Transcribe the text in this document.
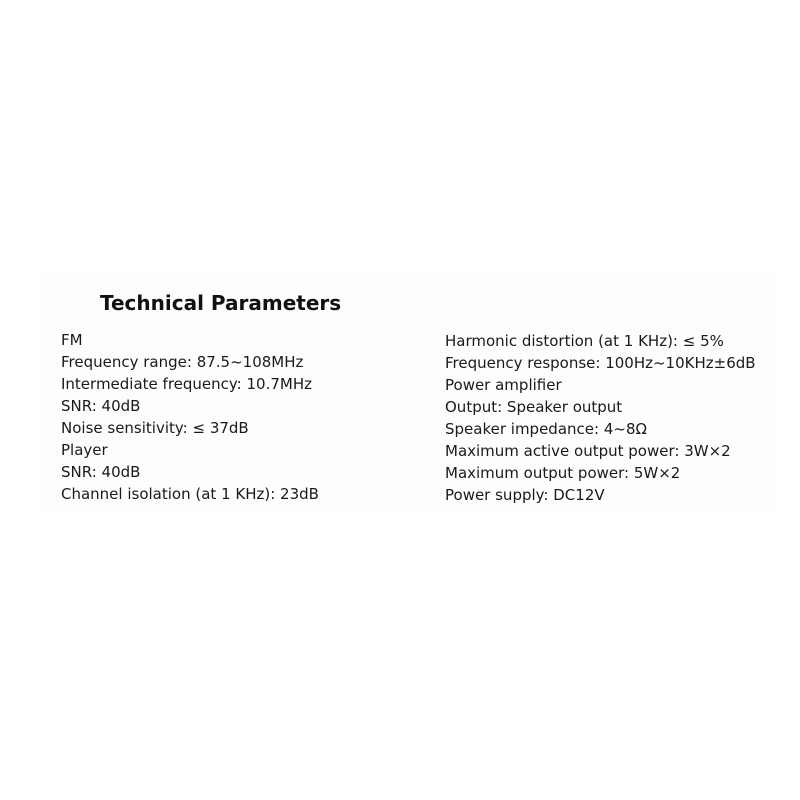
Technical Parameters
FM
Frequency range: 87.5~108MHz
Intermediate frequency: 10.7MHz
SNR: 40dB
Noise sensitivity: ≤ 37dB
Player
SNR: 40dB
Channel isolation (at 1 KHz): 23dB
Harmonic distortion (at 1 KHz): ≤ 5%
Frequency response: 100Hz~10KHz±6dB
Power amplifier
Output: Speaker output
Speaker impedance: 4~8Ω
Maximum active output power: 3W×2
Maximum output power: 5W×2
Power supply: DC12V
